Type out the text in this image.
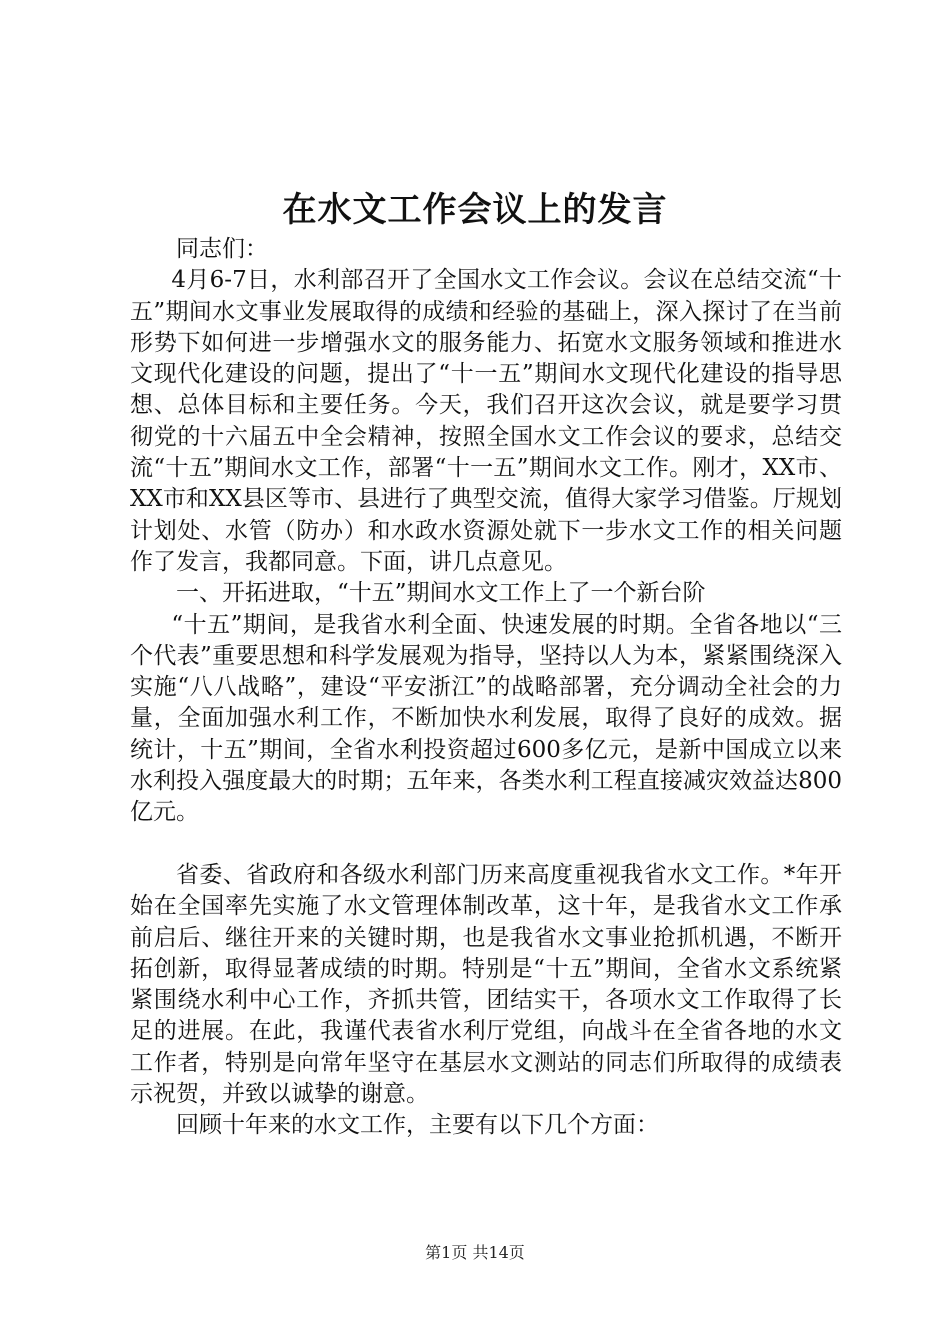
在水文工作会议上的发言

同志们：

4月6-7日，水利部召开了全国水文工作会议。会议在总结交流“十五”期间水文事业发展取得的成绩和经验的基础上，深入探讨了在当前形势下如何进一步增强水文的服务能力、拓宽水文服务领域和推进水文现代化建设的问题，提出了“十一五”期间水文现代化建设的指导思想、总体目标和主要任务。今天，我们召开这次会议，就是要学习贯彻党的十六届五中全会精神，按照全国水文工作会议的要求，总结交流“十五”期间水文工作，部署“十一五”期间水文工作。刚才，XX市、XX市和XX县区等市、县进行了典型交流，值得大家学习借鉴。厅规划计划处、水管（防办）和水政水资源处就下一步水文工作的相关问题作了发言，我都同意。下面，讲几点意见。

一、开拓进取，“十五”期间水文工作上了一个新台阶

“十五”期间，是我省水利全面、快速发展的时期。全省各地以“三个代表”重要思想和科学发展观为指导，坚持以人为本，紧紧围绕深入实施“八八战略”，建设“平安浙江”的战略部署，充分调动全社会的力量，全面加强水利工作，不断加快水利发展，取得了良好的成效。据统计，十五”期间，全省水利投资超过600多亿元，是新中国成立以来水利投入强度最大的时期；五年来，各类水利工程直接减灾效益达800亿元。

省委、省政府和各级水利部门历来高度重视我省水文工作。*年开始在全国率先实施了水文管理体制改革，这十年，是我省水文工作承前启后、继往开来的关键时期，也是我省水文事业抢抓机遇，不断开拓创新，取得显著成绩的时期。特别是“十五”期间，全省水文系统紧紧围绕水利中心工作，齐抓共管，团结实干，各项水文工作取得了长足的进展。在此，我谨代表省水利厅党组，向战斗在全省各地的水文工作者，特别是向常年坚守在基层水文测站的同志们所取得的成绩表示祝贺，并致以诚挚的谢意。

回顾十年来的水文工作，主要有以下几个方面：

第1页 共14页
